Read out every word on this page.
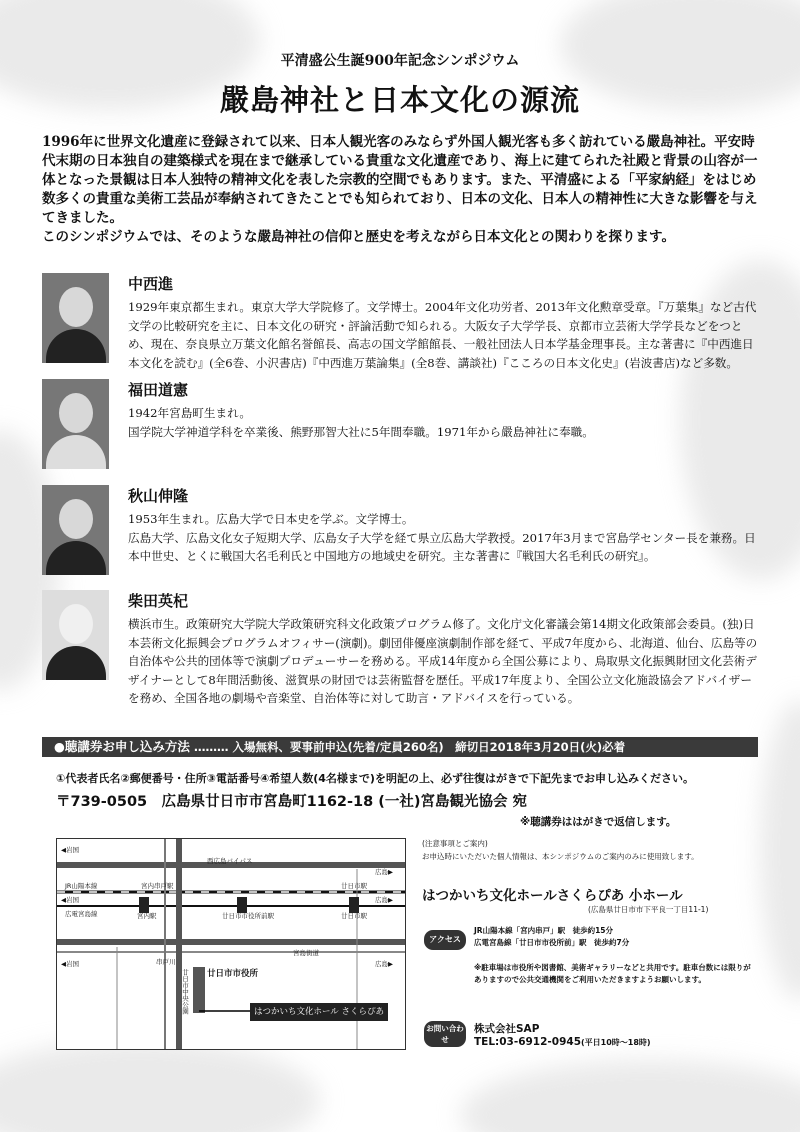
平清盛公生誕900年記念シンポジウム
嚴島神社と日本文化の源流

1996年に世界文化遺産に登録されて以来、日本人観光客のみならず外国人観光客も多く訪れている嚴島神社。平安時代末期の日本独自の建築様式を現在まで継承している貴重な文化遺産であり、海上に建てられた社殿と背景の山容が一体となった景観は日本人独特の精神文化を表した宗教的空間でもあります。また、平清盛による「平家納経」をはじめ数多くの貴重な美術工芸品が奉納されてきたことでも知られており、日本の文化、日本人の精神性に大きな影響を与えてきました。

このシンポジウムでは、そのような嚴島神社の信仰と歴史を考えながら日本文化との関わりを探ります。

中西進
1929年東京都生まれ。東京大学大学院修了。文学博士。2004年文化功労者、2013年文化勲章受章。『万葉集』など古代文学の比較研究を主に、日本文化の研究・評論活動で知られる。大阪女子大学学長、京都市立芸術大学学長などをつとめ、現在、奈良県立万葉文化館名誉館長、高志の国文学館館長、一般社団法人日本学基金理事長。主な著書に『中西進日本文化を読む』(全6巻、小沢書店)『中西進万葉論集』(全8巻、講談社)『こころの日本文化史』(岩波書店)など多数。
福田道憲
1942年宮島町生まれ。
国学院大学神道学科を卒業後、熊野那智大社に5年間奉職。1971年から嚴島神社に奉職。
秋山伸隆
1953年生まれ。広島大学で日本史を学ぶ。文学博士。
広島大学、広島文化女子短期大学、広島女子大学を経て県立広島大学教授。2017年3月まで宮島学センター長を兼務。日本中世史、とくに戦国大名毛利氏と中国地方の地域史を研究。主な著書に『戦国大名毛利氏の研究』。
柴田英杞
横浜市生。政策研究大学院大学政策研究科文化政策プログラム修了。文化庁文化審議会第14期文化政策部会委員。(独)日本芸術文化振興会プログラムオフィサー(演劇)。劇団俳優座演劇制作部を経て、平成7年度から、北海道、仙台、広島等の自治体や公共的団体等で演劇プロデューサーを務める。平成14年度から全国公募により、鳥取県文化振興財団文化芸術デザイナーとして8年間活動後、滋賀県の財団では芸術監督を歴任。平成17年度より、全国公立文化施設協会アドバイザーを務め、全国各地の劇場や音楽堂、自治体等に対して助言・アドバイスを行っている。
●聴講券お申し込み方法 ……… 入場無料、要事前申込(先着/定員260名)　締切日2018年3月20日(火)必着
①代表者氏名②郵便番号・住所③電話番号④希望人数(4名様まで)を明記の上、必ず往復はがきで下記先までお申し込みください。
〒739-0505　広島県廿日市市宮島町1162-18 (一社)宮島観光協会 宛
※聴講券ははがきで返信します。
◀岩国
西広島バイパス
広島▶
JR山陽本線	宮内串戸駅	廿日市駅
◀岩国	広島▶
広電宮島線	宮内駅	廿日市市役所前駅	廿日市駅
串戸川
宮島街道
◀岩国	広島▶
廿日市中央公園 廿日市市役所
はつかいち文化ホール さくらぴあ
(注意事項とご案内)
お申込時にいただいた個人情報は、本シンポジウムのご案内のみに使用致します。
はつかいち文化ホールさくらぴあ 小ホール
(広島県廿日市市下平良一丁目11-1)
アクセス
JR山陽本線「宮内串戸」駅　徒歩約15分
広電宮島線「廿日市市役所前」駅　徒歩約7分
※駐車場は市役所や図書館、美術ギャラリーなどと共用です。駐車台数には限りがありますので公共交通機関をご利用いただきますようお願いします。
お問い合わせ
株式会社SAP
TEL:03-6912-0945(平日10時〜18時)
